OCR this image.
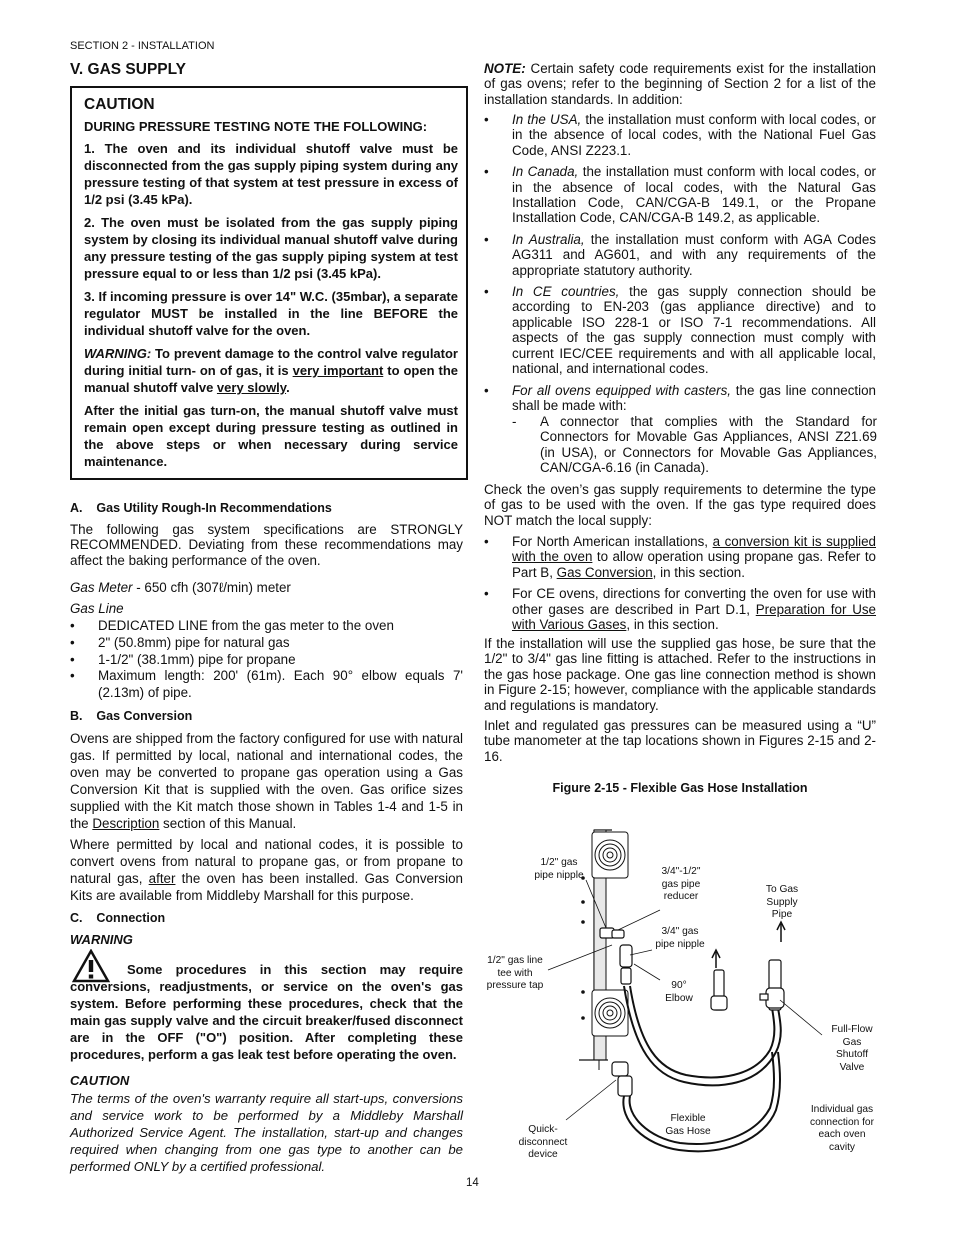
SECTION 2 - INSTALLATION
V. GAS SUPPLY
CAUTION
DURING PRESSURE TESTING NOTE THE FOLLOWING:

1. The oven and its individual shutoff valve must be disconnected from the gas supply piping system during any pressure testing of that system at test pressure in excess of 1/2 psi (3.45 kPa).

2. The oven must be isolated from the gas supply piping system by closing its individual manual shutoff valve during any pressure testing of the gas supply piping system at test pressure equal to or less than 1/2 psi (3.45 kPa).

3. If incoming pressure is over 14" W.C. (35mbar), a separate regulator MUST be installed in the line BEFORE the individual shutoff valve for the oven.

WARNING: To prevent damage to the control valve regulator during initial turn- on of gas, it is very important to open the manual shutoff valve very slowly.

After the initial gas turn-on, the manual shutoff valve must remain open except during pressure testing as outlined in the above steps or when necessary during service maintenance.

A.    Gas Utility Rough-In Recommendations

The following gas system specifications are STRONGLY RECOMMENDED. Deviating from these recommendations may affect the baking performance of the oven.

Gas Meter - 650 cfh (307ℓ/min) meter
Gas Line
• DEDICATED LINE from the gas meter to the oven
• 2" (50.8mm) pipe for natural gas
• 1-1/2" (38.1mm) pipe for propane
• Maximum length: 200' (61m). Each 90° elbow equals 7' (2.13m) of pipe.
B.    Gas Conversion

Ovens are shipped from the factory configured for use with natural gas. If permitted by local, national and international codes, the oven may be converted to propane gas operation using a Gas Conversion Kit that is supplied with the oven. Gas orifice sizes supplied with the Kit match those shown in Tables 1-4 and 1-5 in the Description section of this Manual.

Where permitted by local and national codes, it is possible to convert ovens from natural to propane gas, or from propane to natural gas, after the oven has been installed. Gas Conversion Kits are available from Middleby Marshall for this purpose.

C.    Connection
WARNING

Some procedures in this section may require conversions, readjustments, or service on the oven's gas system. Before performing these procedures, check that the main gas supply valve and the circuit breaker/fused disconnect are in the OFF ("O") position. After completing these procedures, perform a gas leak test before operating the oven.

CAUTION

The terms of the oven's warranty require all start-ups, conversions and service work to be performed by a Middleby Marshall Authorized Service Agent. The installation, start-up and changes required when changing from one gas type to another can be performed ONLY by a certified professional.

NOTE: Certain safety code requirements exist for the installation of gas ovens; refer to the beginning of Section 2 for a list of the installation standards. In addition:

• In the USA, the installation must conform with local codes, or in the absence of local codes, with the National Fuel Gas Code, ANSI Z223.1.
• In Canada, the installation must conform with local codes, or in the absence of local codes, with the Natural Gas Installation Code, CAN/CGA-B 149.1, or the Propane Installation Code, CAN/CGA-B 149.2, as applicable.
• In Australia, the installation must conform with AGA Codes AG311 and AG601, and with any requirements of the appropriate statutory authority.
• In CE countries, the gas supply connection should be according to EN-203 (gas appliance directive) and to applicable ISO 228-1 or ISO 7-1 recommendations. All aspects of the gas supply connection must comply with current IEC/CEE requirements and with all applicable local, national, and international codes.
• For all ovens equipped with casters, the gas line connection shall be made with:
- A connector that complies with the Standard for Connectors for Movable Gas Appliances, ANSI Z21.69 (in USA), or Connectors for Movable Gas Appliances, CAN/CGA-6.16 (in Canada).

Check the oven’s gas supply requirements to determine the type of gas to be used with the oven. If the gas type required does NOT match the local supply:

• For North American installations, a conversion kit is supplied with the oven to allow operation using propane gas. Refer to Part B, Gas Conversion, in this section.
• For CE ovens, directions for converting the oven for use with other gases are described in Part D.1, Preparation for Use with Various Gases, in this section.

If the installation will use the supplied gas hose, be sure that the 1/2" to 3/4" gas line fitting is attached. Refer to the instructions in the gas hose package. One gas line connection method is shown in Figure 2-15; however, compliance with the applicable standards and regulations is mandatory.

Inlet and regulated gas pressures can be measured using a “U” tube manometer at the tap locations shown in Figures 2-15 and 2-16.

Figure 2-15 - Flexible Gas Hose Installation
1/2" gas
pipe nipple	3/4"-1/2"
gas pipe
reducer
To Gas
Supply
Pipe
3/4" gas
pipe nipple
1/2" gas line
tee with
pressure tap	90°
Elbow
Full-Flow
Gas
Shutoff
Valve
Quick-
disconnect
device
Flexible
Gas Hose
Individual gas
connection for
each oven
cavity
14
